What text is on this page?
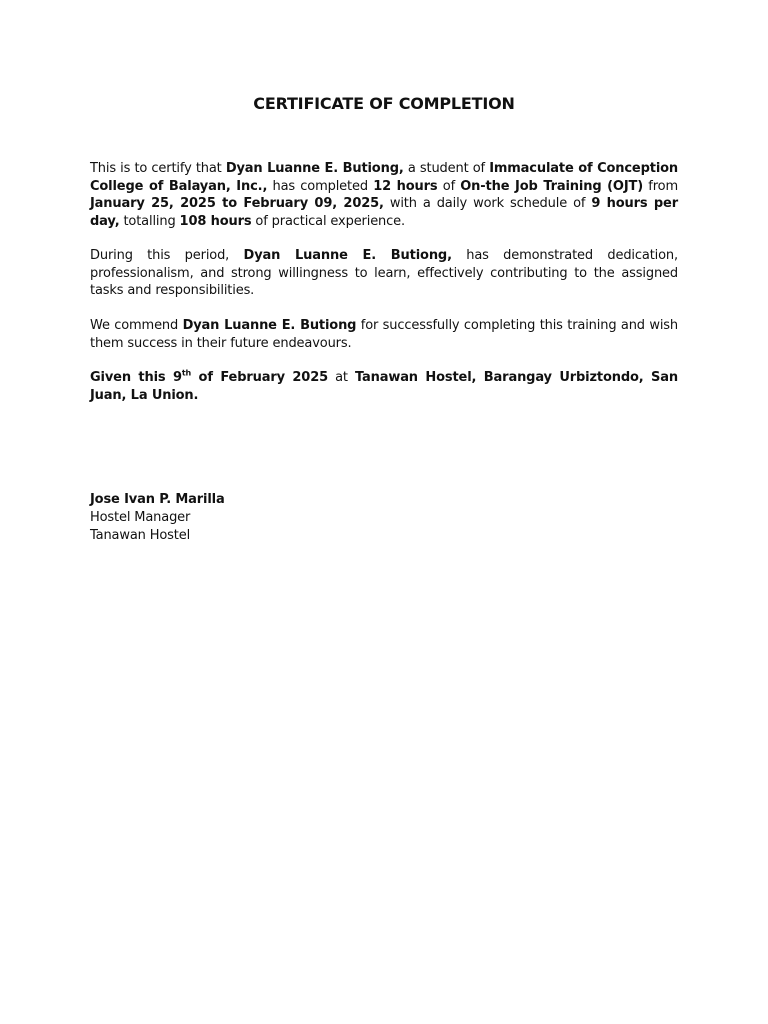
CERTIFICATE OF COMPLETION
This is to certify that Dyan Luanne E. Butiong, a student of Immaculate of Conception College of Balayan, Inc., has completed 12 hours of On-the Job Training (OJT) from January 25, 2025 to February 09, 2025, with a daily work schedule of 9 hours per day, totalling 108 hours of practical experience.
During this period, Dyan Luanne E. Butiong, has demonstrated dedication, professionalism, and strong willingness to learn, effectively contributing to the assigned tasks and responsibilities.
We commend Dyan Luanne E. Butiong for successfully completing this training and wish them success in their future endeavours.
Given this 9th of February 2025 at Tanawan Hostel, Barangay Urbiztondo, San Juan, La Union.
Jose Ivan P. Marilla
Hostel Manager
Tanawan Hostel
